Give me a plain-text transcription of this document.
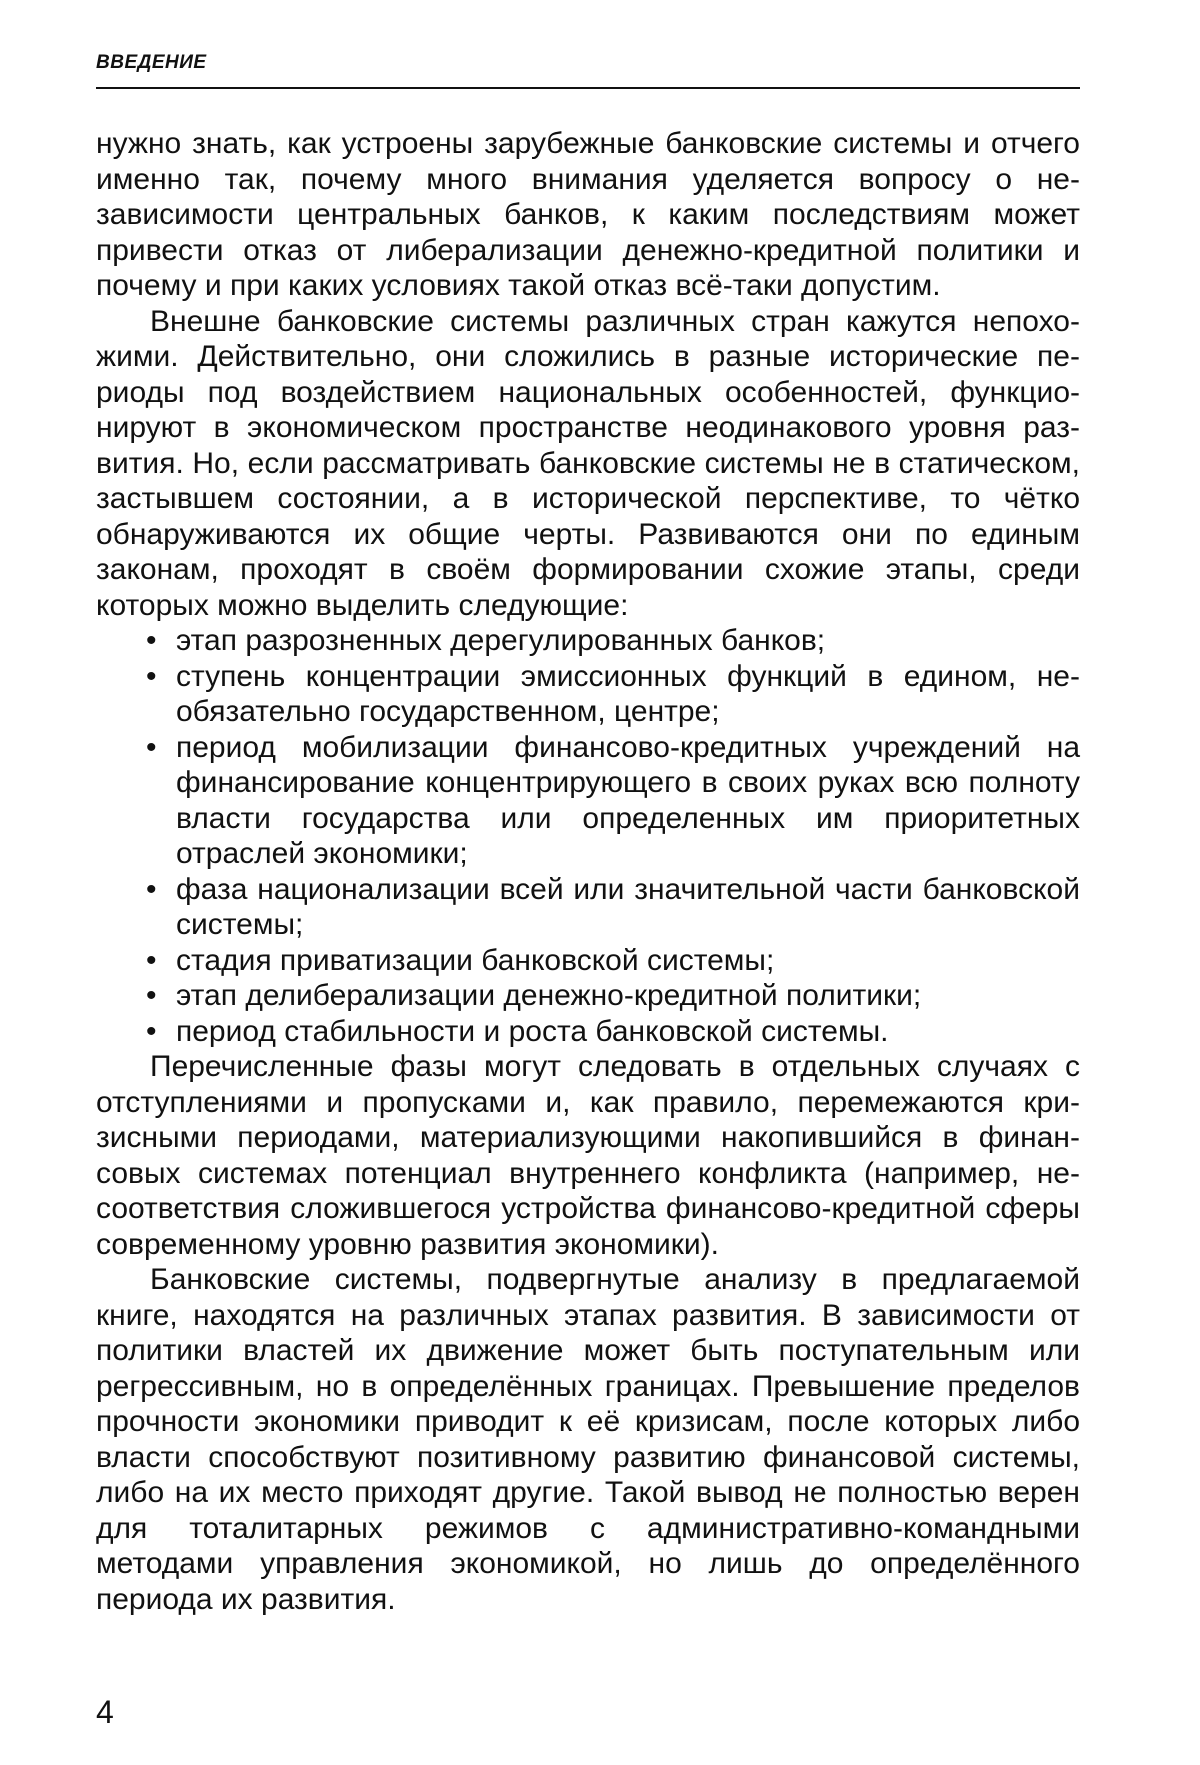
ВВЕДЕНИЕ

нужно знать, как устроены зарубежные банковские системы и отчего именно так, почему много внимания уделяется вопросу о независимости центральных банков, к каким последствиям может привести отказ от либерализации денежно-кредитной политики и почему и при каких условиях такой отказ всё-таки допустим.

Внешне банковские системы различных стран кажутся непохожими. Действительно, они сложились в разные исторические периоды под воздействием национальных особенностей, функционируют в экономическом пространстве неодинакового уровня развития. Но, если рассматривать банковские системы не в статическом, застывшем состоянии, а в исторической перспективе, то чётко обнаруживаются их общие черты. Развиваются они по единым законам, проходят в своём формировании схожие этапы, среди которых можно выделить следующие:

• этап разрозненных дерегулированных банков;
• ступень концентрации эмиссионных функций в едином, необязательно государственном, центре;
• период мобилизации финансово-кредитных учреждений на финансирование концентрирующего в своих руках всю полноту власти государства или определенных им приоритетных отраслей экономики;
• фаза национализации всей или значительной части банковской системы;
• стадия приватизации банковской системы;
• этап делиберализации денежно-кредитной политики;
• период стабильности и роста банковской системы.

Перечисленные фазы могут следовать в отдельных случаях с отступлениями и пропусками и, как правило, перемежаются кризисными периодами, материализующими накопившийся в финансовых системах потенциал внутреннего конфликта (например, несоответствия сложившегося устройства финансово-кредитной сферы современному уровню развития экономики).

Банковские системы, подвергнутые анализу в предлагаемой книге, находятся на различных этапах развития. В зависимости от политики властей их движение может быть поступательным или регрессивным, но в определённых границах. Превышение пределов прочности экономики приводит к её кризисам, после которых либо власти способствуют позитивному развитию финансовой системы, либо на их место приходят другие. Такой вывод не полностью верен для тоталитарных режимов с административно-командными методами управления экономикой, но лишь до определённого периода их развития.

4
